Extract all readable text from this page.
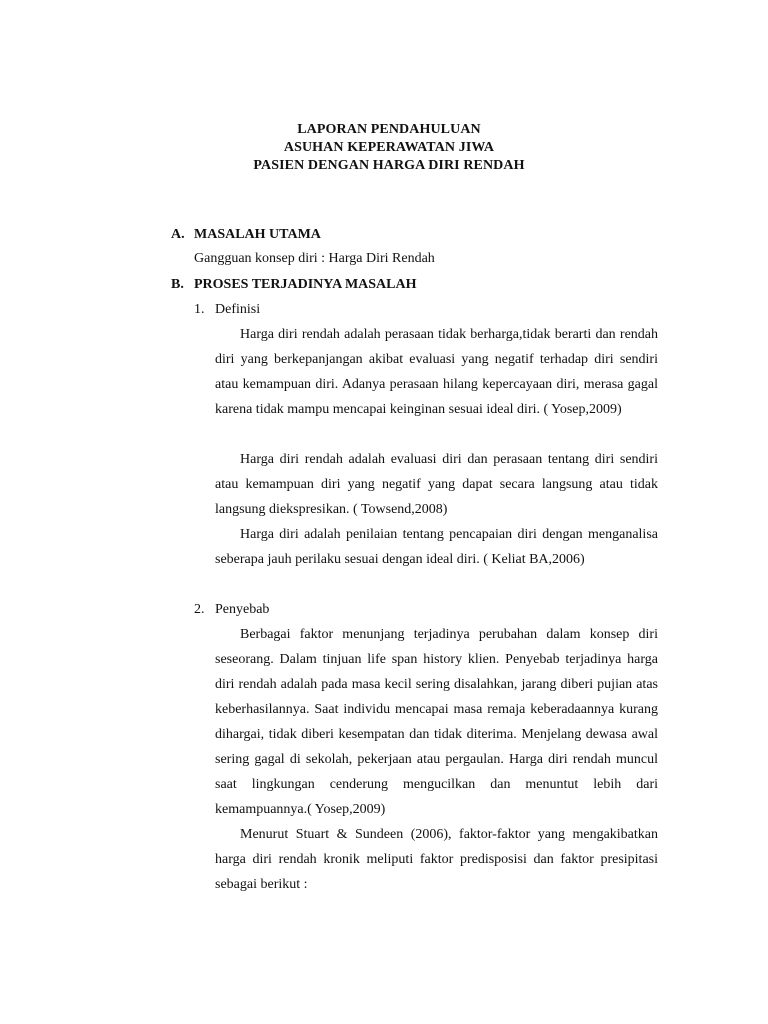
LAPORAN PENDAHULUAN
ASUHAN KEPERAWATAN JIWA
PASIEN DENGAN HARGA DIRI RENDAH
A. MASALAH UTAMA
Gangguan konsep diri : Harga Diri Rendah
B. PROSES TERJADINYA MASALAH
1. Definisi

Harga diri rendah adalah perasaan tidak berharga,tidak berarti dan rendah diri yang berkepanjangan akibat evaluasi yang negatif terhadap diri sendiri atau kemampuan diri. Adanya perasaan hilang kepercayaan diri, merasa gagal karena tidak mampu mencapai keinginan sesuai ideal diri. ( Yosep,2009)

Harga diri rendah adalah evaluasi diri dan perasaan tentang diri sendiri atau kemampuan diri yang negatif yang dapat secara langsung atau tidak langsung diekspresikan. ( Towsend,2008)

Harga diri adalah penilaian tentang pencapaian diri dengan menganalisa seberapa jauh perilaku sesuai dengan ideal diri. ( Keliat BA,2006)

2. Penyebab

Berbagai faktor menunjang terjadinya perubahan dalam konsep diri seseorang. Dalam tinjuan life span history klien. Penyebab terjadinya harga diri rendah adalah pada masa kecil sering disalahkan, jarang diberi pujian atas keberhasilannya. Saat individu mencapai masa remaja keberadaannya kurang dihargai, tidak diberi kesempatan dan tidak diterima. Menjelang dewasa awal sering gagal di sekolah, pekerjaan atau pergaulan. Harga diri rendah muncul saat lingkungan cenderung mengucilkan dan menuntut lebih dari kemampuannya.( Yosep,2009)

Menurut Stuart & Sundeen (2006), faktor-faktor yang mengakibatkan harga diri rendah kronik meliputi faktor predisposisi dan faktor presipitasi sebagai berikut :
